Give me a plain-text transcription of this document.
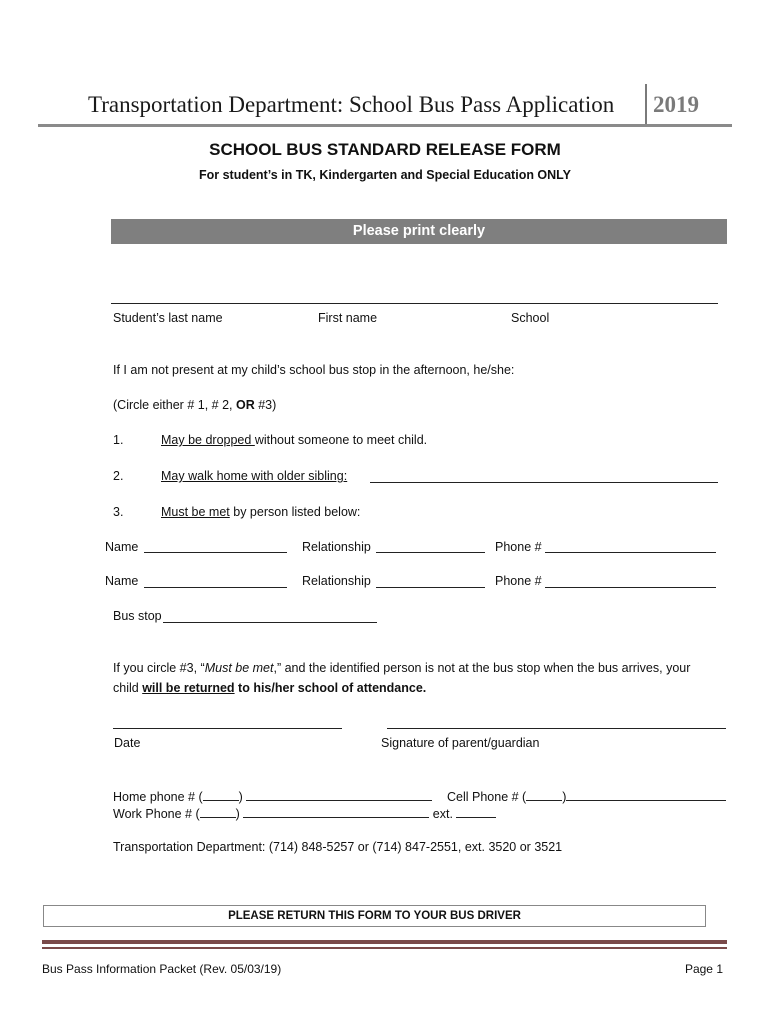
Transportation Department: School Bus Pass Application 2019
SCHOOL BUS STANDARD RELEASE FORM
For student’s in TK, Kindergarten and Special Education ONLY
Please print clearly
Student’s last name	First name	School
If I am not present at my child’s school bus stop in the afternoon, he/she:
(Circle either # 1, # 2, OR #3)
1.	May be dropped without someone to meet child.
2.	May walk home with older sibling:
3.	Must be met by person listed below:
Name	Relationship	Phone #
Name	Relationship	Phone #
Bus stop
If you circle #3, “Must be met,” and the identified person is not at the bus stop when the bus arrives, your
child will be returned to his/her school of attendance.
Date	Signature of parent/guardian
Home phone # (	)	Cell Phone # (	)
Work Phone # (	)	ext.
Transportation Department: (714) 848-5257 or (714) 847-2551, ext. 3520 or 3521
PLEASE RETURN THIS FORM TO YOUR BUS DRIVER
Bus Pass Information Packet (Rev. 05/03/19)	Page 1
